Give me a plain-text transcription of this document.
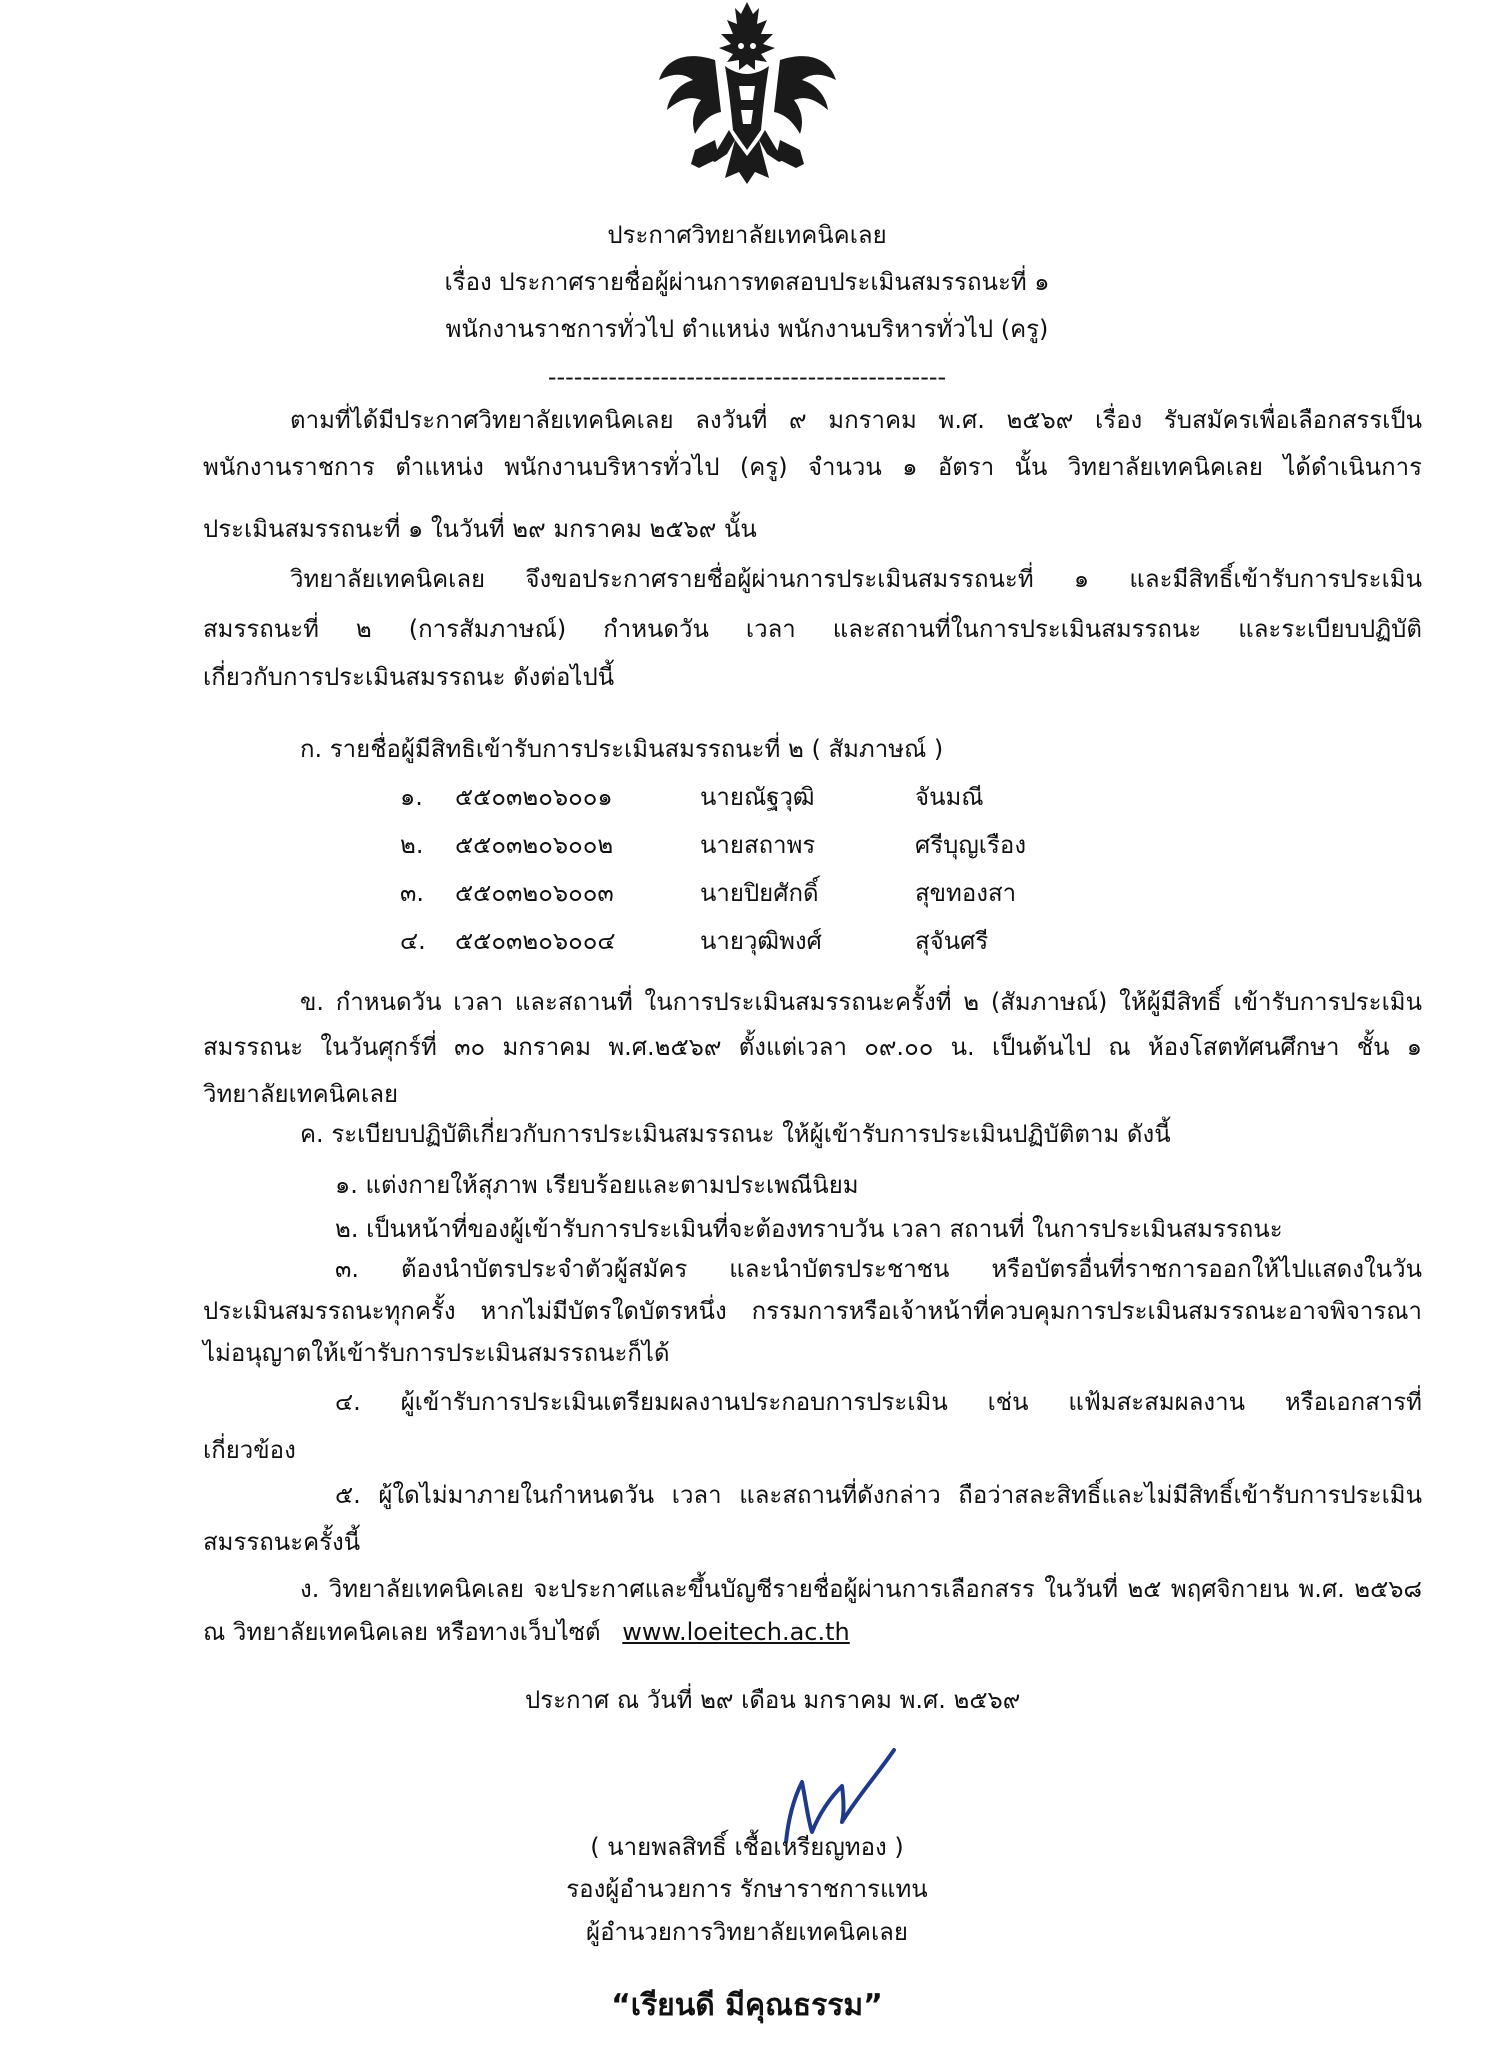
ประกาศวิทยาลัยเทคนิคเลย
เรื่อง ประกาศรายชื่อผู้ผ่านการทดสอบประเมินสมรรถนะที่ ๑
พนักงานราชการทั่วไป ตำแหน่ง พนักงานบริหารทั่วไป (ครู)
----------------------------------------------
ตามที่ได้มีประกาศวิทยาลัยเทคนิคเลย ลงวันที่ ๙ มกราคม พ.ศ. ๒๕๖๙ เรื่อง รับสมัครเพื่อเลือกสรรเป็น
พนักงานราชการ ตำแหน่ง พนักงานบริหารทั่วไป (ครู) จำนวน ๑ อัตรา นั้น วิทยาลัยเทคนิคเลย ได้ดำเนินการ
ประเมินสมรรถนะที่ ๑ ในวันที่ ๒๙ มกราคม ๒๕๖๙ นั้น
วิทยาลัยเทคนิคเลย จึงขอประกาศรายชื่อผู้ผ่านการประเมินสมรรถนะที่ ๑ และมีสิทธิ์เข้ารับการประเมิน
สมรรถนะที่ ๒ (การสัมภาษณ์) กำหนดวัน เวลา และสถานที่ในการประเมินสมรรถนะ และระเบียบปฏิบัติ
เกี่ยวกับการประเมินสมรรถนะ ดังต่อไปนี้
ก. รายชื่อผู้มีสิทธิเข้ารับการประเมินสมรรถนะที่ ๒ ( สัมภาษณ์ )
๑. ๕๕๐๓๒๐๖๐๐๑	นายณัฐวุฒิ	จันมณี
๒. ๕๕๐๓๒๐๖๐๐๒	นายสถาพร	ศรีบุญเรือง
๓. ๕๕๐๓๒๐๖๐๐๓	นายปิยศักดิ์	สุขทองสา
๔. ๕๕๐๓๒๐๖๐๐๔	นายวุฒิพงศ์	สุจันศรี
ข. กำหนดวัน เวลา และสถานที่ ในการประเมินสมรรถนะครั้งที่ ๒ (สัมภาษณ์) ให้ผู้มีสิทธิ์ เข้ารับการประเมิน
สมรรถนะ ในวันศุกร์ที่ ๓๐ มกราคม พ.ศ.๒๕๖๙ ตั้งแต่เวลา ๐๙.๐๐ น. เป็นต้นไป ณ ห้องโสตทัศนศึกษา ชั้น ๑
วิทยาลัยเทคนิคเลย
ค. ระเบียบปฏิบัติเกี่ยวกับการประเมินสมรรถนะ ให้ผู้เข้ารับการประเมินปฏิบัติตาม ดังนี้
๑. แต่งกายให้สุภาพ เรียบร้อยและตามประเพณีนิยม
๒. เป็นหน้าที่ของผู้เข้ารับการประเมินที่จะต้องทราบวัน เวลา สถานที่ ในการประเมินสมรรถนะ
๓. ต้องนำบัตรประจำตัวผู้สมัคร และนำบัตรประชาชน หรือบัตรอื่นที่ราชการออกให้ไปแสดงในวัน
ประเมินสมรรถนะทุกครั้ง หากไม่มีบัตรใดบัตรหนึ่ง กรรมการหรือเจ้าหน้าที่ควบคุมการประเมินสมรรถนะอาจพิจารณา
ไม่อนุญาตให้เข้ารับการประเมินสมรรถนะก็ได้
๔. ผู้เข้ารับการประเมินเตรียมผลงานประกอบการประเมิน เช่น แฟ้มสะสมผลงาน หรือเอกสารที่
เกี่ยวข้อง
๕. ผู้ใดไม่มาภายในกำหนดวัน เวลา และสถานที่ดังกล่าว ถือว่าสละสิทธิ์และไม่มีสิทธิ์เข้ารับการประเมิน
สมรรถนะครั้งนี้
ง. วิทยาลัยเทคนิคเลย จะประกาศและขึ้นบัญชีรายชื่อผู้ผ่านการเลือกสรร ในวันที่ ๒๕ พฤศจิกายน พ.ศ. ๒๕๖๘
ณ วิทยาลัยเทคนิคเลย หรือทางเว็บไซต์ www.loeitech.ac.th
ประกาศ ณ วันที่ ๒๙ เดือน มกราคม พ.ศ. ๒๕๖๙
( นายพลสิทธิ์ เชื้อเหรียญทอง )
รองผู้อำนวยการ รักษาราชการแทน
ผู้อำนวยการวิทยาลัยเทคนิคเลย
“เรียนดี มีคุณธรรม”
